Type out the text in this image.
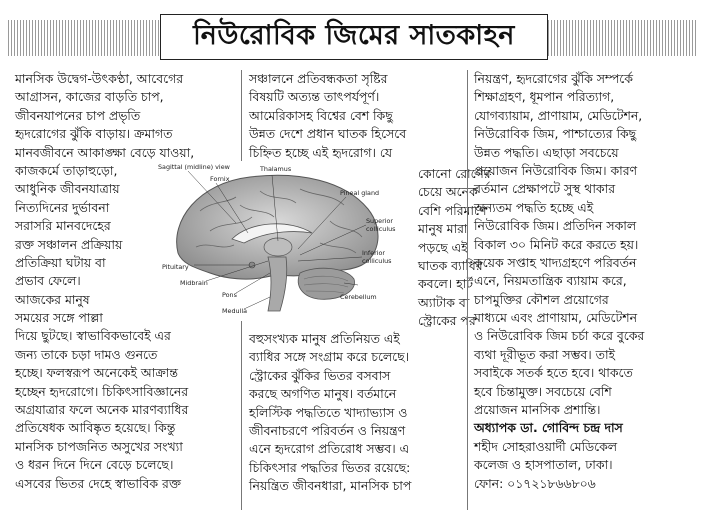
নিউরোবিক জিমের সাতকাহন
মানসিক উদ্বেগ-উৎকণ্ঠা, আবেগের
আগ্রাসন, কাজের বাড়তি চাপ,
জীবনযাপনের চাপ প্রভৃতি
হৃদরোগের ঝুঁকি বাড়ায়। ক্রমাগত
মানবজীবনে আকাঙ্ক্ষা বেড়ে যাওয়া,
কাজকর্মে তাড়াহুড়ো,
আধুনিক জীবনযাত্রায়
নিত্যদিনের দুর্ভাবনা
সরাসরি মানবদেহের
রক্ত সঞ্চালন প্রক্রিয়ায়
প্রতিক্রিয়া ঘটায় বা
প্রভাব ফেলে।
আজকের মানুষ
সময়ের সঙ্গে পাল্লা
দিয়ে ছুটছে। স্বাভাবিকভাবেই এর
জন্য তাকে চড়া দামও গুনতে
হচ্ছে। ফলস্বরূপ অনেকেই আক্রান্ত
হচ্ছেন হৃদরোগে। চিকিৎসাবিজ্ঞানের
অগ্রযাত্রার ফলে অনেক মারণব্যাধির
প্রতিষেধক আবিষ্কৃত হয়েছে। কিন্তু
মানসিক চাপজনিত অসুখের সংখ্যা
ও ধরন দিনে দিনে বেড়ে চলেছে।
এসবের ভিতর দেহে স্বাভাবিক রক্ত
সঞ্চালনে প্রতিবন্ধকতা সৃষ্টির
বিষয়টি অত্যন্ত তাৎপর্যপূর্ণ।
আমেরিকাসহ বিশ্বের বেশ কিছু
উন্নত দেশে প্রধান ঘাতক হিসেবে
চিহ্নিত হচ্ছে এই হৃদরোগ। যে
কোনো রোগের
চেয়ে অনেক
বেশি পরিমাণে
মানুষ মারা
পড়ছে এই
ঘাতক ব্যাধির
কবলে। হার্ট
অ্যাটাক বা
স্ট্রোকের পর
বহুসংখ্যক মানুষ প্রতিনিয়ত এই
ব্যাধির সঙ্গে সংগ্রাম করে চলেছে।
স্ট্রোকের ঝুঁকির ভিতর বসবাস
করছে অগণিত মানুষ। বর্তমানে
হলিস্টিক পদ্ধতিতে খাদ্যাভ্যাস ও
জীবনাচরণে পরিবর্তন ও নিয়ন্ত্রণ
এনে হৃদরোগ প্রতিরোধ সম্ভব। এ
চিকিৎসার পদ্ধতির ভিতর রয়েছে:
নিয়ন্ত্রিত জীবনধারা, মানসিক চাপ
নিয়ন্ত্রণ, হৃদরোগের ঝুঁকি সম্পর্কে
শিক্ষাগ্রহণ, ধূমপান পরিত্যাগ,
যোগব্যায়াম, প্রাণায়াম, মেডিটেশন,
নিউরোবিক জিম, পাশ্চাত্যের কিছু
উন্নত পদ্ধতি। এছাড়া সবচেয়ে
প্রয়োজন নিউরোবিক জিম। কারণ
বর্তমান প্রেক্ষাপটে সুস্থ থাকার
অন্যতম পদ্ধতি হচ্ছে এই
নিউরোবিক জিম। প্রতিদিন সকাল
বিকাল ৩০ মিনিট করে করতে হয়।
কয়েক সপ্তাহ খাদ্যগ্রহণে পরিবর্তন
এনে, নিয়মতান্ত্রিক ব্যায়াম করে,
চাপমুক্তির কৌশল প্রয়োগের
মাধ্যমে এবং প্রাণায়াম, মেডিটেশন
ও নিউরোবিক জিম চর্চা করে বুকের
ব্যথা দূরীভূত করা সম্ভব। তাই
সবাইকে সতর্ক হতে হবে। থাকতে
হবে চিন্তামুক্ত। সবচেয়ে বেশি
প্রয়োজন মানসিক প্রশান্তি।
অধ্যাপক ডা. গোবিন্দ চন্দ্র দাস
শহীদ সোহরাওয়ার্দী মেডিকেল
কলেজ ও হাসপাতাল, ঢাকা।
ফোন: ০১৭২১৮৬৬৮০৬
Sagittal (midline) view
Fornix
Thalamus
Pineal gland
Superior
colliculus
Inferior
colliculus
Cerebellum
Pituitary
Midbrain
Pons
Medulla
